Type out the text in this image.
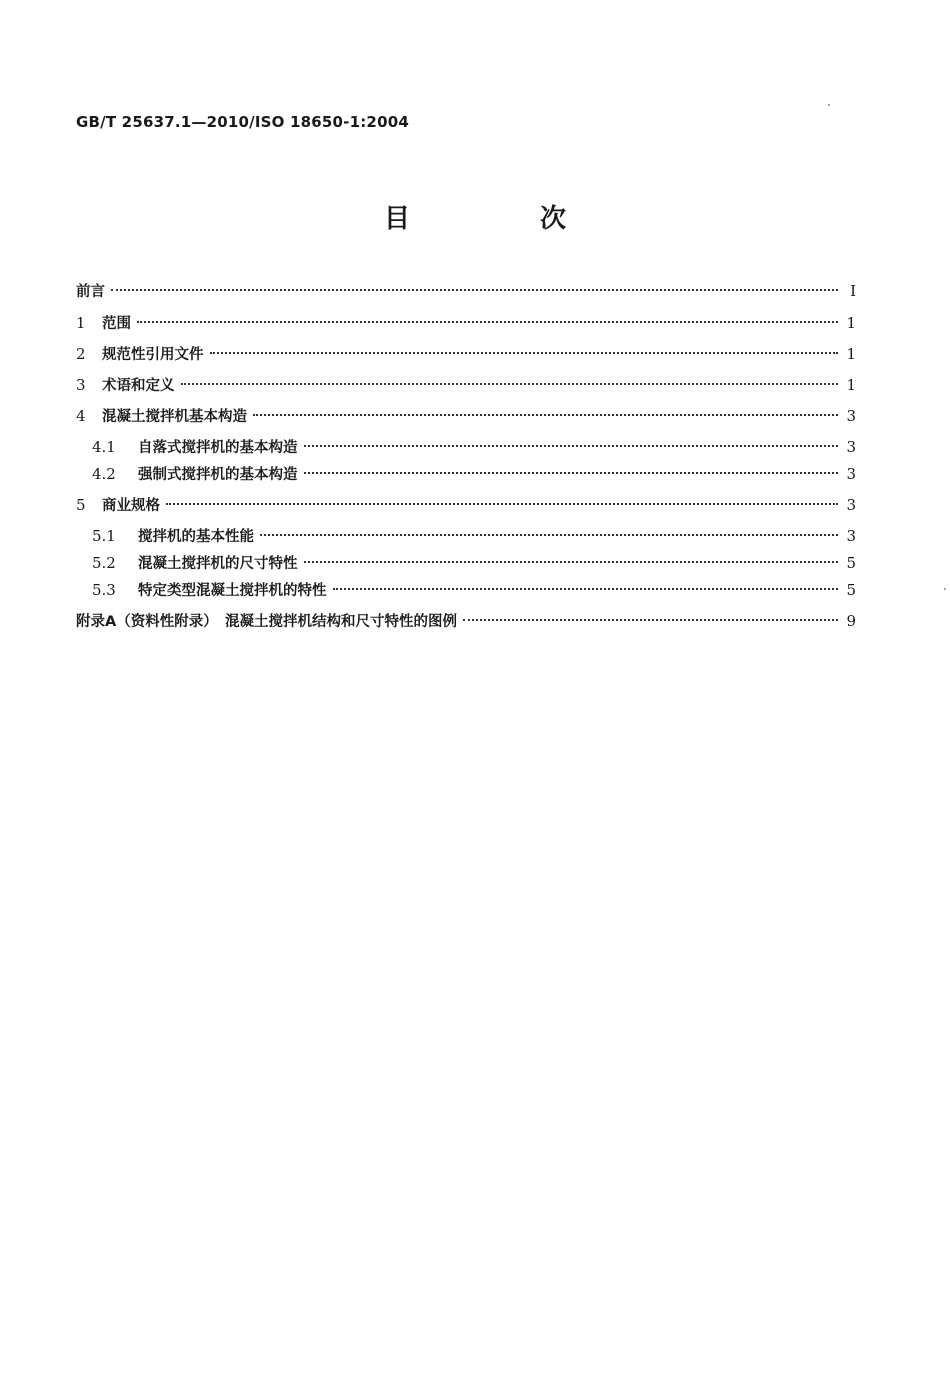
GB/T 25637.1—2010/ISO 18650-1:2004
目　次
前言	Ⅰ
1	范围	1
2	规范性引用文件	1
3	术语和定义	1
4	混凝土搅拌机基本构造	3
4.1	自落式搅拌机的基本构造	3
4.2	强制式搅拌机的基本构造	3
5	商业规格	3
5.1	搅拌机的基本性能	3
5.2	混凝土搅拌机的尺寸特性	5
5.3	特定类型混凝土搅拌机的特性	5
附录A（资料性附录）　混凝土搅拌机结构和尺寸特性的图例	9
